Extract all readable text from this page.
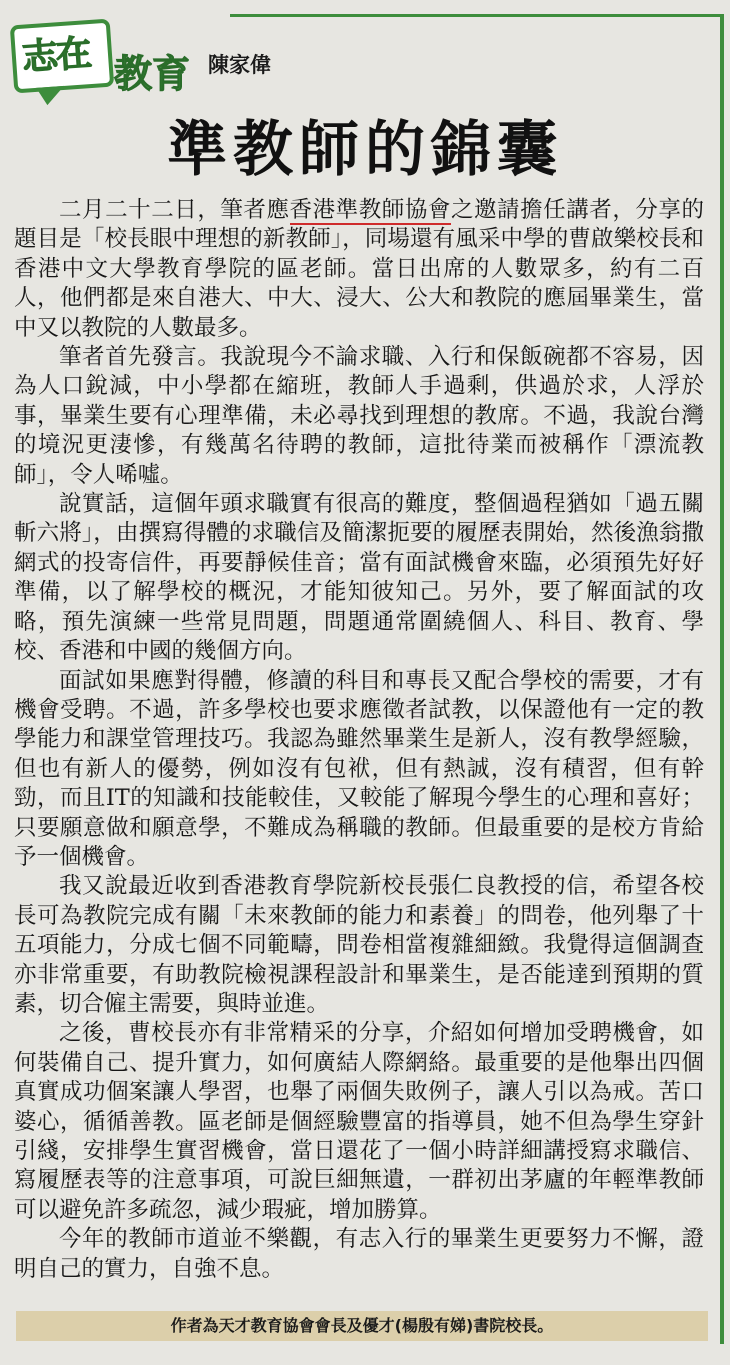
志在 教育 陳家偉
準教師的錦囊

二月二十二日，筆者應香港準教師協會之邀請擔任講者，分享的題目是「校長眼中理想的新教師」，同場還有風采中學的曹啟樂校長和香港中文大學教育學院的區老師。當日出席的人數眾多，約有二百人，他們都是來自港大、中大、浸大、公大和教院的應屆畢業生，當中又以教院的人數最多。

筆者首先發言。我說現今不論求職、入行和保飯碗都不容易，因為人口銳減，中小學都在縮班，教師人手過剩，供過於求，人浮於事，畢業生要有心理準備，未必尋找到理想的教席。不過，我說台灣的境況更淒慘，有幾萬名待聘的教師，這批待業而被稱作「漂流教師」，令人唏噓。

說實話，這個年頭求職實有很高的難度，整個過程猶如「過五關斬六將」，由撰寫得體的求職信及簡潔扼要的履歷表開始，然後漁翁撒網式的投寄信件，再要靜候佳音；當有面試機會來臨，必須預先好好準備，以了解學校的概況，才能知彼知己。另外，要了解面試的攻略，預先演練一些常見問題，問題通常圍繞個人、科目、教育、學校、香港和中國的幾個方向。

面試如果應對得體，修讀的科目和專長又配合學校的需要，才有機會受聘。不過，許多學校也要求應徵者試教，以保證他有一定的教學能力和課堂管理技巧。我認為雖然畢業生是新人，沒有教學經驗，但也有新人的優勢，例如沒有包袱，但有熱誠，沒有積習，但有幹勁，而且IT的知識和技能較佳，又較能了解現今學生的心理和喜好；只要願意做和願意學，不難成為稱職的教師。但最重要的是校方肯給予一個機會。

我又說最近收到香港教育學院新校長張仁良教授的信，希望各校長可為教院完成有關「未來教師的能力和素養」的問卷，他列舉了十五項能力，分成七個不同範疇，問卷相當複雜細緻。我覺得這個調查亦非常重要，有助教院檢視課程設計和畢業生，是否能達到預期的質素，切合僱主需要，與時並進。

之後，曹校長亦有非常精采的分享，介紹如何增加受聘機會，如何裝備自己、提升實力，如何廣結人際網絡。最重要的是他舉出四個真實成功個案讓人學習，也舉了兩個失敗例子，讓人引以為戒。苦口婆心，循循善教。區老師是個經驗豐富的指導員，她不但為學生穿針引綫，安排學生實習機會，當日還花了一個小時詳細講授寫求職信、寫履歷表等的注意事項，可說巨細無遺，一群初出茅廬的年輕準教師可以避免許多疏忽，減少瑕疵，增加勝算。

今年的教師市道並不樂觀，有志入行的畢業生更要努力不懈，證明自己的實力，自強不息。

作者為天才教育協會會長及優才(楊殷有娣)書院校長。
